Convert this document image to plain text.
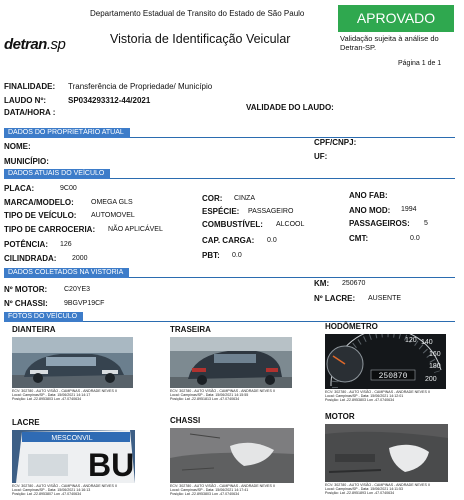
Departamento Estadual de Transito do Estado de São Paulo
detran.sp	Vistoria de Identificação Veicular
APROVADO
Validação sujeita à análise do Detran-SP.
Página 1 de 1
FINALIDADE: Transferência de Propriedade/ Município
LAUDO Nº:	SP034293312-44/2021
DATA/HORA :
VALIDADE DO LAUDO:
DADOS DO PROPRIETÁRIO ATUAL
NOME:
MUNICÍPIO:
CPF/CNPJ:
UF:
DADOS ATUAIS DO VEÍCULO
PLACA:	9C00
MARCA/MODELO: OMEGA GLS
TIPO DE VEÍCULO: AUTOMOVEL
TIPO DE CARROCERIA: NÃO APLICÁVEL
POTÊNCIA: 126
CILINDRADA: 2000
COR: CINZA
ESPÉCIE: PASSAGEIRO
COMBUSTÍVEL: ALCOOL
CAP. CARGA: 0.0
PBT: 0.0
ANO FAB:
ANO MOD: 1994
PASSAGEIROS: 5
CMT:	0.0
DADOS COLETADOS NA VISTORIA
Nº MOTOR: C20YE3
Nº CHASSI: 9BGVP19CF
KM: 250670
Nº LACRE: AUSENTE
FOTOS DO VEÍCULO
DIANTEIRA
ECV: 302780 - AUTO VISÃO - CAMPINAS - ANDRADE NEVES II
Local: Campinas/SP - Data: 15/06/2021 14:14:17
Posição: Lat -22.8953803 Lon -47.0740634
TRASEIRA
ECV: 302780 - AUTO VISÃO - CAMPINAS - ANDRADE NEVES II
Local: Campinas/SP - Data: 15/06/2021 14:15:55
Posição: Lat -22.8951813 Lon -47.0740634
HODÔMETRO
250870
140
160
180
200
120
ECV: 302780 - AUTO VISÃO - CAMPINAS - ANDRADE NEVES II
Local: Campinas/SP - Data: 15/06/2021 14:12:01
Posição: Lat -22.8953803 Lon -47.0740634
LACRE
MESCONVIL
BU
ECV: 302780 - AUTO VISÃO - CAMPINAS - ANDRADE NEVES II
Local: Campinas/SP - Data: 15/06/2021 14:16:13
Posição: Lat -22.8953807 Lon -47.0740634
CHASSI
ECV: 302780 - AUTO VISÃO - CAMPINAS - ANDRADE NEVES II
Local: Campinas/SP - Data: 15/06/2021 14:17:41
Posição: Lat -22.8953803 Lon -47.0740634
MOTOR
ECV: 302780 - AUTO VISÃO - CAMPINAS - ANDRADE NEVES II
Local: Campinas/SP - Data: 15/06/2021 14:11:53
Posição: Lat -22.8951893 Lon -47.0740634
